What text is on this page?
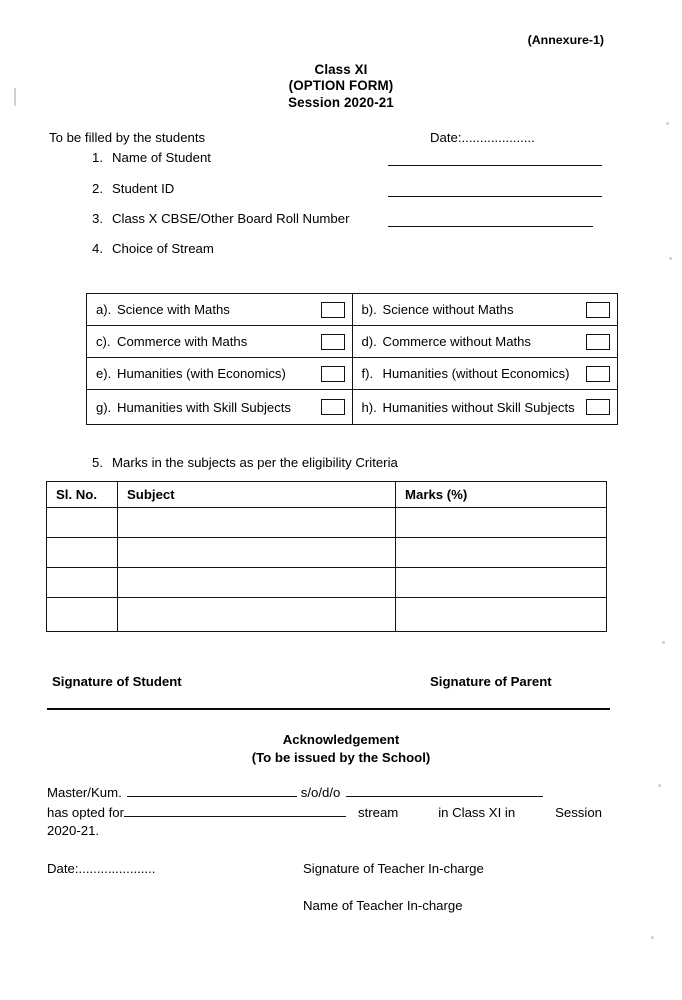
(Annexure-1)
Class XI
(OPTION FORM)
Session 2020-21
To be filled by the students	Date:....................
1. Name of Student
2. Student ID
3. Class X CBSE/Other Board Roll Number
4. Choice of Stream
a). Science with Maths	b). Science without Maths

c). Commerce with Maths	d). Commerce without Maths

e). Humanities (with Economics)	f). Humanities (without Economics)

g). Humanities with Skill Subjects	h). Humanities without Skill Subjects
5. Marks in the subjects as per the eligibility Criteria
Sl. No.	Subject	Marks (%)

Signature of Student	Signature of Parent
Acknowledgement
(To be issued by the School)
Master/Kum.	s/o/d/o
has opted for	stream	in Class XI in	Session
2020-21.
Date:.....................	Signature of Teacher In-charge
Name of Teacher In-charge
